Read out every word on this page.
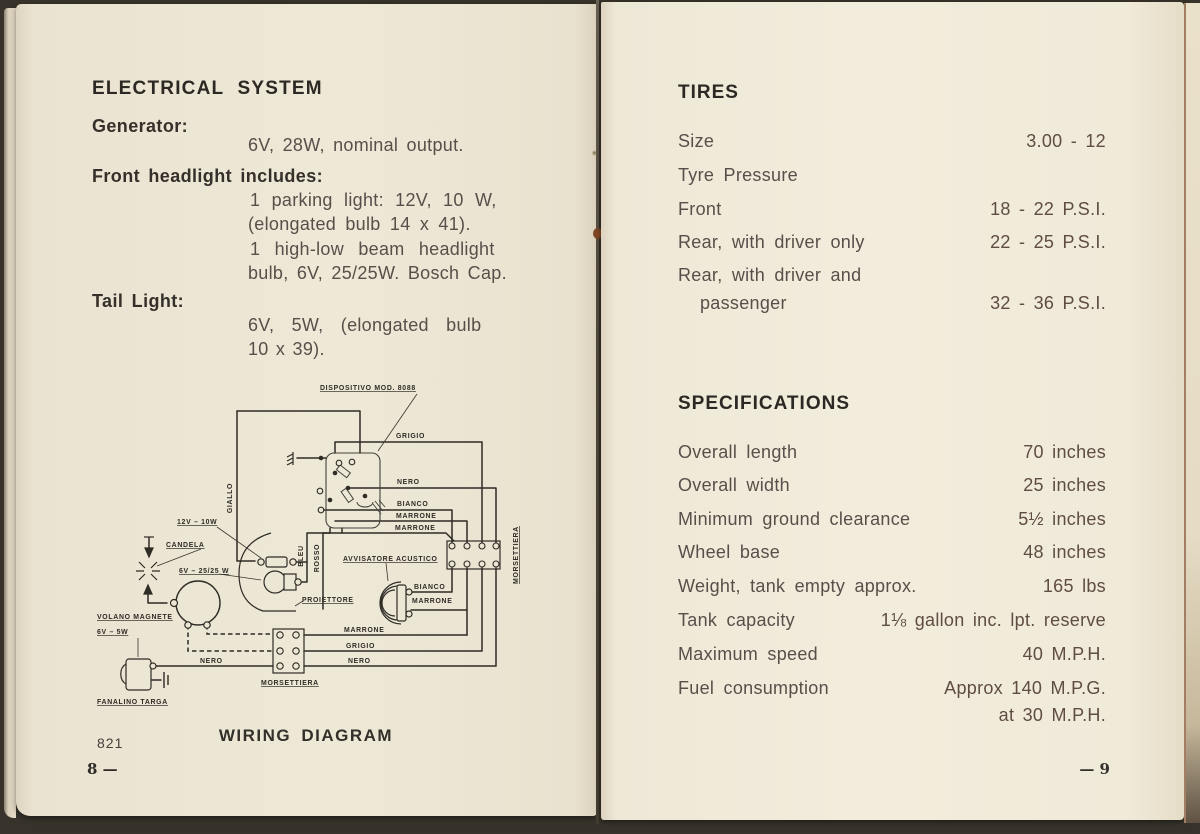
ELECTRICAL SYSTEM
Generator:
6V, 28W, nominal output.
Front headlight includes:
1 parking light: 12V, 10 W,
(elongated bulb 14 x 41).
1 high-low beam headlight
bulb, 6V, 25/25W. Bosch Cap.
Tail Light:
6V, 5W, (elongated bulb
10 x 39).
DISPOSITIVO MOD. 8088
GRIGIO
NERO
BIANCO
MARRONE
MARRONE
GIALLO
BLEU ROSSO
12V – 10W
CANDELA
6V – 25/25 W
PROIETTORE
AVVISATORE ACUSTICO
BIANCO
MARRONE
MORSETTIERA
VOLANO MAGNETE
6V – 5W
NERO
FANALINO TARGA
MARRONE
GRIGIO
NERO
MORSETTIERA
WIRING DIAGRAM
821
8 —
TIRES
Size	3.00 - 12
Tyre Pressure
Front	18 - 22 P.S.I.
Rear, with driver only	22 - 25 P.S.I.
Rear, with driver and
passenger	32 - 36 P.S.I.
SPECIFICATIONS
Overall length	70 inches
Overall width	25 inches
Minimum ground clearance	5½ inches
Wheel base	48 inches
Weight, tank empty approx.	165 lbs
Tank capacity	1⅛ gallon inc. lpt. reserve
Maximum speed	40 M.P.H.
Fuel consumption	Approx 140 M.P.G.
at 30 M.P.H.
— 9
